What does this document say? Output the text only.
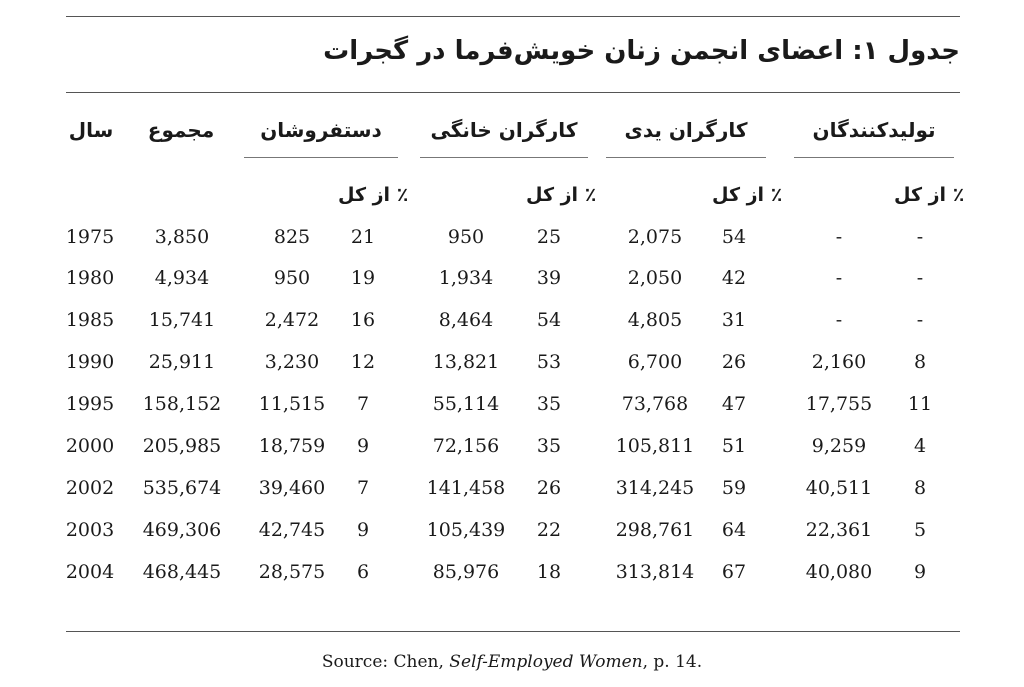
جدول ۱: اعضای انجمن زنان خویش‌فرما در گجرات
سال	مجموع	دستفروشان	کارگران خانگی	کارگران یدی	تولیدکنندگان
٪ از کل	٪ از کل	٪ از کل	٪ از کل
1975	3,850	825	21	950	25	2,075	54	-	-
1980	4,934	950	19	1,934	39	2,050	42	-	-
1985	15,741	2,472	16	8,464	54	4,805	31	-	-
1990	25,911	3,230	12	13,821	53	6,700	26	2,160	8
1995	158,152	11,515	7	55,114	35	73,768	47	17,755	11
2000	205,985	18,759	9	72,156	35	105,811	51	9,259	4
2002	535,674	39,460	7	141,458	26	314,245	59	40,511	8
2003	469,306	42,745	9	105,439	22	298,761	64	22,361	5
2004	468,445	28,575	6	85,976	18	313,814	67	40,080	9
Source: Chen, Self-Employed Women, p. 14.
